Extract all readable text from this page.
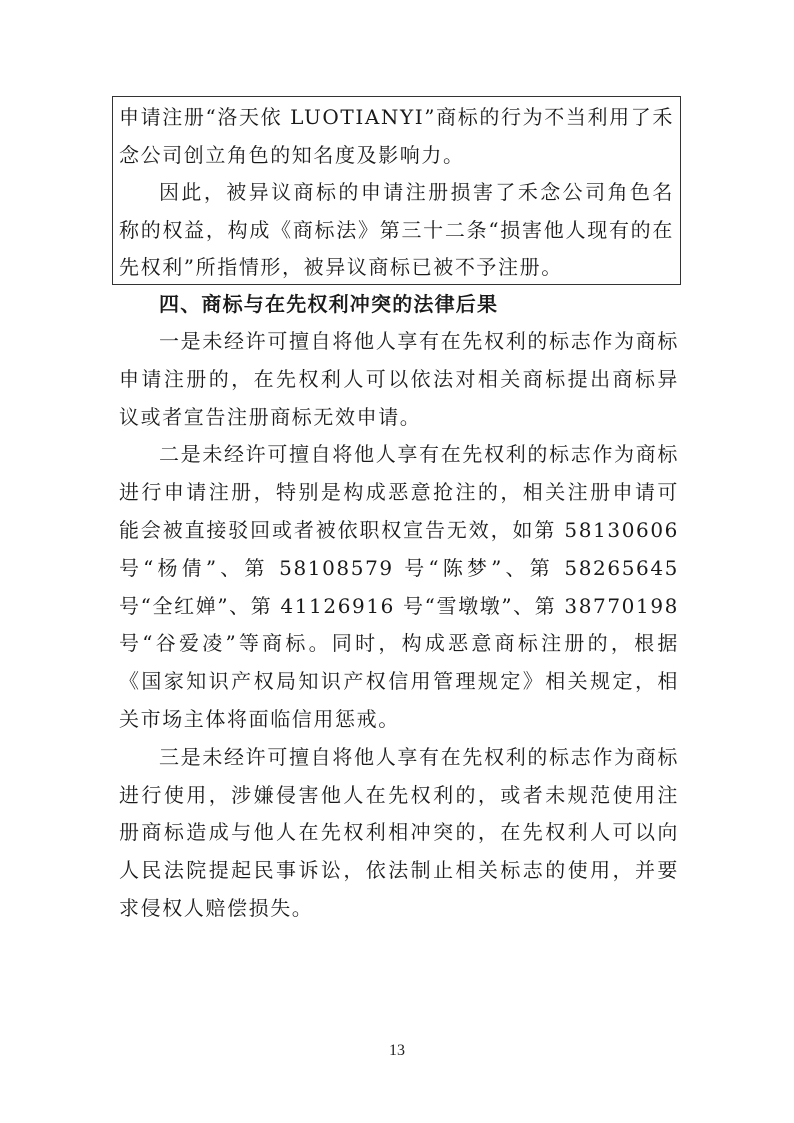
申请注册“洛天依 LUOTIANYI”商标的行为不当利用了禾念公司创立角色的知名度及影响力。

因此，被异议商标的申请注册损害了禾念公司角色名称的权益，构成《商标法》第三十二条“损害他人现有的在先权利”所指情形，被异议商标已被不予注册。

四、商标与在先权利冲突的法律后果

一是未经许可擅自将他人享有在先权利的标志作为商标申请注册的，在先权利人可以依法对相关商标提出商标异议或者宣告注册商标无效申请。

二是未经许可擅自将他人享有在先权利的标志作为商标进行申请注册，特别是构成恶意抢注的，相关注册申请可能会被直接驳回或者被依职权宣告无效，如第 58130606 号“杨倩”、第 58108579 号“陈梦”、第 58265645 号“全红婵”、第 41126916 号“雪墩墩”、第 38770198 号“谷爱凌”等商标。同时，构成恶意商标注册的，根据《国家知识产权局知识产权信用管理规定》相关规定，相关市场主体将面临信用惩戒。

三是未经许可擅自将他人享有在先权利的标志作为商标进行使用，涉嫌侵害他人在先权利的，或者未规范使用注册商标造成与他人在先权利相冲突的，在先权利人可以向人民法院提起民事诉讼，依法制止相关标志的使用，并要求侵权人赔偿损失。

13
